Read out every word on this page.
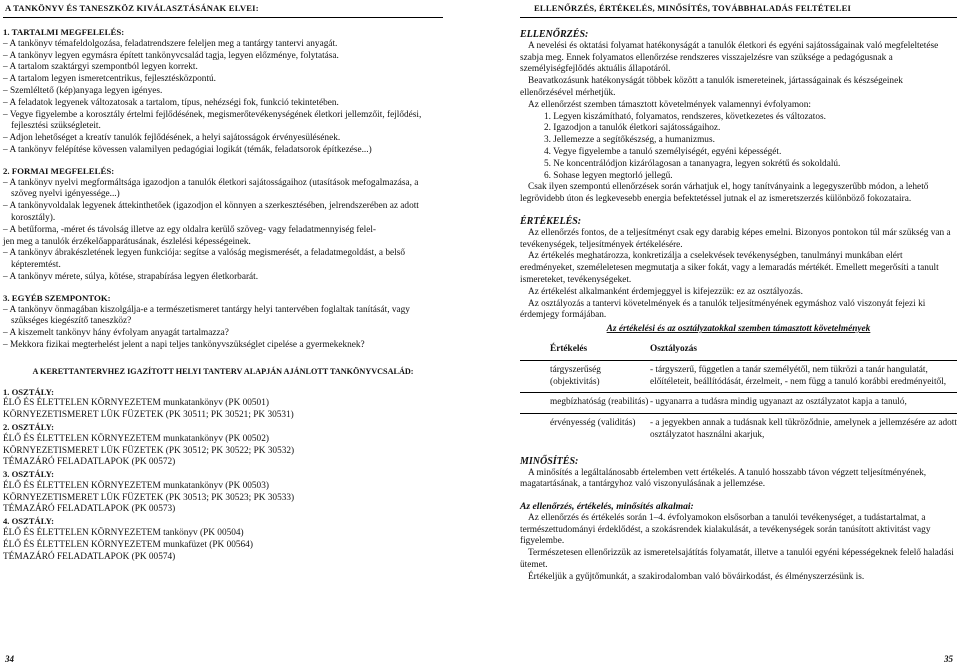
A TANKÖNYV ÉS TANESZKÖZ KIVÁLASZTÁSÁNAK ELVEI:	ELLENŐRZÉS, ÉRTÉKELÉS, MINŐSÍTÉS, TOVÁBBHALADÁS FELTÉTELEI
1. TARTALMI MEGFELELÉS:
– A tankönyv témafeldolgozása, feladatrendszere feleljen meg a tantárgy tantervi anyagát.
– A tankönyv legyen egymásra épített tankönyvcsalád tagja, legyen előzménye, folytatása.
– A tartalom szaktárgyi szempontból legyen korrekt.
– A tartalom legyen ismeretcentrikus, fejlesztésközpontú.
– Szemléltető (kép)anyaga legyen igényes.
– A feladatok legyenek változatosak a tartalom, típus, nehézségi fok, funkció tekintetében.
– Vegye figyelembe a korosztály értelmi fejlődésének, megismerőtevékenységének életkori jellemzőit, fejlődési, fejlesztési szükségleteit.
– Adjon lehetőséget a kreatív tanulók fejlődésének, a helyi sajátosságok érvényesülésének.
– A tankönyv felépítése kövessen valamilyen pedagógiai logikát (témák, feladatsorok építkezése...)
2. FORMAI MEGFELELÉS:
– A tankönyv nyelvi megformáltsága igazodjon a tanulók életkori sajátosságaihoz (utasítások mefogalmazása, a szöveg nyelvi igényessége...)
– A tankönyvoldalak legyenek áttekinthetőek (igazodjon el könnyen a szerkesztésében, jelrendszerében az adott korosztály).
– A betűforma, -méret és távolság illetve az egy oldalra kerülő szöveg- vagy feladatmennyiség felel-
jen meg a tanulók érzékelőapparátusának, észlelési képességeinek.
– A tankönyv ábrakészletének legyen funkciója: segítse a valóság megismerését, a feladatmegoldást, a belső képteremtést.
– A tankönyv mérete, súlya, kötése, strapabírása legyen életkorbarát.
3. EGYÉB SZEMPONTOK:
– A tankönyv önmagában kiszolgálja-e a természetismeret tantárgy helyi tantervében foglaltak tanítását, vagy szükséges kiegészítő taneszköz?
– A kiszemelt tankönyv hány évfolyam anyagát tartalmazza?
– Mekkora fizikai megterhelést jelent a napi teljes tankönyvszükséglet cipelése a gyermekeknek?
A KERETTANTERVHEZ IGAZÍTOTT HELYI TANTERV ALAPJÁN AJÁNLOTT TANKÖNYVCSALÁD:
1. OSZTÁLY:
ÉLŐ ÉS ÉLETTELEN KÖRNYEZETEM munkatankönyv (PK 00501)
KÖRNYEZETISMERET LÜK FÜZETEK (PK 30511; PK 30521; PK 30531)
2. OSZTÁLY:
ÉLŐ ÉS ÉLETTELEN KÖRNYEZETEM munkatankönyv (PK 00502)
KÖRNYEZETISMERET LÜK FÜZETEK (PK 30512; PK 30522; PK 30532)
TÉMAZÁRÓ FELADATLAPOK (PK 00572)
3. OSZTÁLY:
ÉLŐ ÉS ÉLETTELEN KÖRNYEZETEM munkatankönyv (PK 00503)
KÖRNYEZETISMERET LÜK FÜZETEK (PK 30513; PK 30523; PK 30533)
TÉMAZÁRÓ FELADATLAPOK (PK 00573)
4. OSZTÁLY:
ÉLŐ ÉS ÉLETTELEN KÖRNYEZETEM tankönyv (PK 00504)
ÉLŐ ÉS ÉLETTELEN KÖRNYEZETEM munkafüzet (PK 00564)
TÉMAZÁRÓ FELADATLAPOK (PK 00574)
ELLENŐRZÉS:
A nevelési és oktatási folyamat hatékonyságát a tanulók életkori és egyéni sajátosságainak való megfeleltetése szabja meg. Ennek folyamatos ellenőrzése rendszeres visszajelzésre van szüksége a pedagógusnak a személyiségfejlődés aktuális állapotáról.
Beavatkozásunk hatékonyságát többek között a tanulók ismereteinek, jártasságainak és készségeinek ellenőrzésével mérhetjük.
Az ellenőrzést szemben támasztott követelmények valamennyi évfolyamon:
1. Legyen kiszámítható, folyamatos, rendszeres, következetes és változatos.
2. Igazodjon a tanulók életkori sajátosságaihoz.
3. Jellemezze a segítőkészség, a humanizmus.
4. Vegye figyelembe a tanuló személyiségét, egyéni képességét.
5. Ne koncentrálódjon kizárólagosan a tananyagra, legyen sokrétű és sokoldalú.
6. Sohase legyen megtorló jellegű.
Csak ilyen szempontú ellenőrzések során várhatjuk el, hogy tanítványaink a legegyszerűbb módon, a lehető legrövidebb úton és legkevesebb energia befektetéssel jutnak el az ismeretszerzés különböző fokozataira.
ÉRTÉKELÉS:
Az ellenőrzés fontos, de a teljesítményt csak egy darabig képes emelni. Bizonyos pontokon túl már szükség van a tevékenységek, teljesítmények értékelésére.
Az értékelés meghatározza, konkretizálja a cselekvések tevékenységben, tanulmányi munkában elért eredményeket, személeletesen megmutatja a siker fokát, vagy a lemaradás mértékét. Emellett megerősíti a tanult ismereteket, tevékenységeket.
Az értékelést alkalmanként érdemjeggyel is kifejezzük: ez az osztályozás.
Az osztályozás a tantervi követelmények és a tanulók teljesítményének egymáshoz való viszonyát fejezi ki érdemjegy formájában.
Az értékelési és az osztályzatokkal szemben támasztott követelmények
Értékelés	Osztályozás
tárgyszerűség (objektivitás)	- tárgyszerű, független a tanár személyétől, nem tükrözi a tanár hangulatát, előítéleteit, beállítódását, érzelmeit, - nem függ a tanuló korábbi eredményeitől,
megbízhatóság (reabilitás)	- ugyanarra a tudásra mindig ugyanazt az osztályzatot kapja a tanuló,
érvényesség (validitás)	- a jegyekben annak a tudásnak kell tükröződnie, amelynek a jellemzésére az adott osztályzatot használni akarjuk,
MINŐSÍTÉS:
A minősítés a legáltalánosabb értelemben vett értékelés. A tanuló hosszabb távon végzett teljesítményének, magatartásának, a tantárgyhoz való viszonyulásának a jellemzése.
Az ellenőrzés, értékelés, minősítés alkalmai:
Az ellenőrzés és értékelés során 1–4. évfolyamokon elsősorban a tanulói tevékenységet, a tudástartalmat, a természettudományi érdeklődést, a szokásrendek kialakulását, a tevékenységek során tanúsított aktivitást vagy figyelembe.
Természetesen ellenőrizzük az ismeretelsajátítás folyamatát, illetve a tanulói egyéni képességeknek felelő haladási ütemet.
Értékeljük a gyűjtőmunkát, a szakirodalomban való böváirkodást, és élményszerzésünk is.
34	35
